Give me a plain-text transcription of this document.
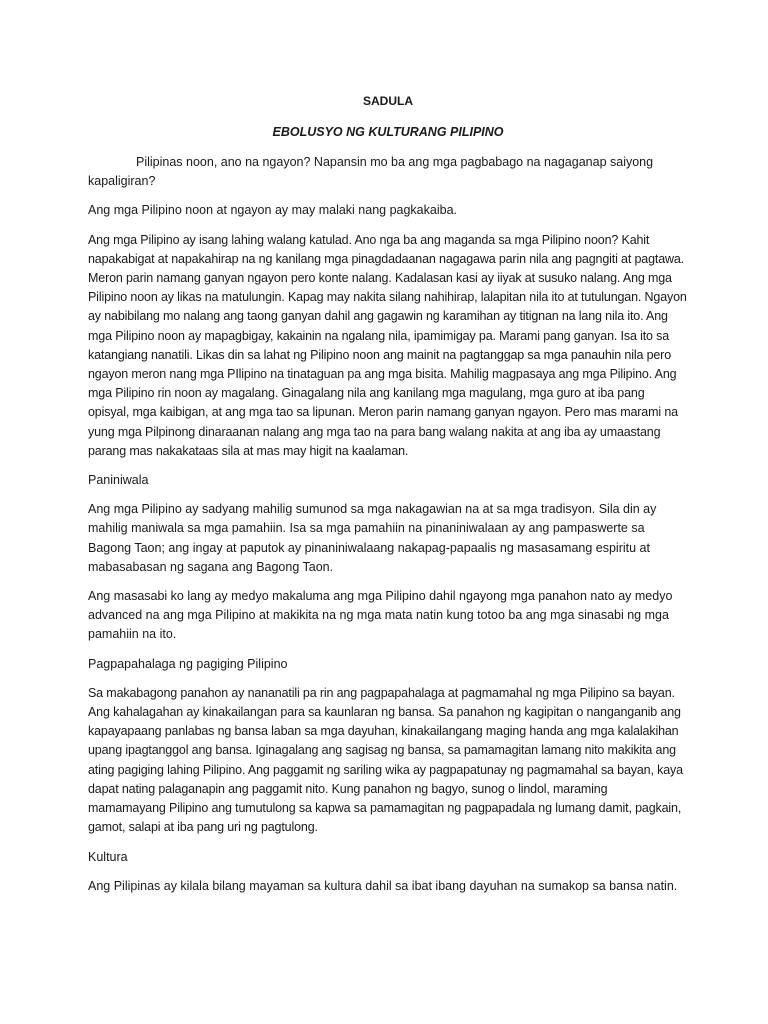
SADULA
EBOLUSYO NG KULTURANG PILIPINO

Pilipinas noon, ano na ngayon? Napansin mo ba ang mga pagbabago na nagaganap saiyong kapaligiran?

Ang mga Pilipino noon at ngayon ay may malaki nang pagkakaiba.

Ang mga Pilipino ay isang lahing walang katulad. Ano nga ba ang maganda sa mga Pilipino noon? Kahit napakabigat at napakahirap na ng kanilang mga pinagdadaanan nagagawa parin nila ang pagngiti at pagtawa. Meron parin namang ganyan ngayon pero konte nalang. Kadalasan kasi ay iiyak at susuko nalang. Ang mga Pilipino noon ay likas na matulungin. Kapag may nakita silang nahihirap, lalapitan nila ito at tutulungan. Ngayon ay nabibilang mo nalang ang taong ganyan dahil ang gagawin ng karamihan ay titignan na lang nila ito. Ang mga Pilipino noon ay mapagbigay, kakainin na ngalang nila, ipamimigay pa. Marami pang ganyan. Isa ito sa katangiang nanatili. Likas din sa lahat ng Pilipino noon ang mainit na pagtanggap sa mga panauhin nila pero ngayon meron nang mga PIlipino na tinataguan pa ang mga bisita. Mahilig magpasaya ang mga Pilipino. Ang mga Pilipino rin noon ay magalang. Ginagalang nila ang kanilang mga magulang, mga guro at iba pang opisyal, mga kaibigan, at ang mga tao sa lipunan. Meron parin namang ganyan ngayon. Pero mas marami na yung mga Pilpinong dinaraanan nalang ang mga tao na para bang walang nakita at ang iba ay umaastang parang mas nakakataas sila at mas may higit na kaalaman.

Paniniwala

Ang mga Pilipino ay sadyang mahilig sumunod sa mga nakagawian na at sa mga tradisyon. Sila din ay mahilig maniwala sa mga pamahiin. Isa sa mga pamahiin na pinaniniwalaan ay ang pampaswerte sa Bagong Taon; ang ingay at paputok ay pinaniniwalaang nakapag-papaalis ng masasamang espiritu at mabasabasan ng sagana ang Bagong Taon.

Ang masasabi ko lang ay medyo makaluma ang mga Pilipino dahil ngayong mga panahon nato ay medyo advanced na ang mga Pilipino at makikita na ng mga mata natin kung totoo ba ang mga sinasabi ng mga pamahiin na ito.

Pagpapahalaga ng pagiging Pilipino

Sa makabagong panahon ay nananatili pa rin ang pagpapahalaga at pagmamahal ng mga Pilipino sa bayan. Ang kahalagahan ay kinakailangan para sa kaunlaran ng bansa. Sa panahon ng kagipitan o nanganganib ang kapayapaang panlabas ng bansa laban sa mga dayuhan, kinakailangang maging handa ang mga kalalakihan upang ipagtanggol ang bansa. Iginagalang ang sagisag ng bansa, sa pamamagitan lamang nito makikita ang ating pagiging lahing Pilipino. Ang paggamit ng sariling wika ay pagpapatunay ng pagmamahal sa bayan, kaya dapat nating palaganapin ang paggamit nito. Kung panahon ng bagyo, sunog o lindol, maraming mamamayang Pilipino ang tumutulong sa kapwa sa pamamagitan ng pagpapadala ng lumang damit, pagkain, gamot, salapi at iba pang uri ng pagtulong.

Kultura

Ang Pilipinas ay kilala bilang mayaman sa kultura dahil sa ibat ibang dayuhan na sumakop sa bansa natin.
